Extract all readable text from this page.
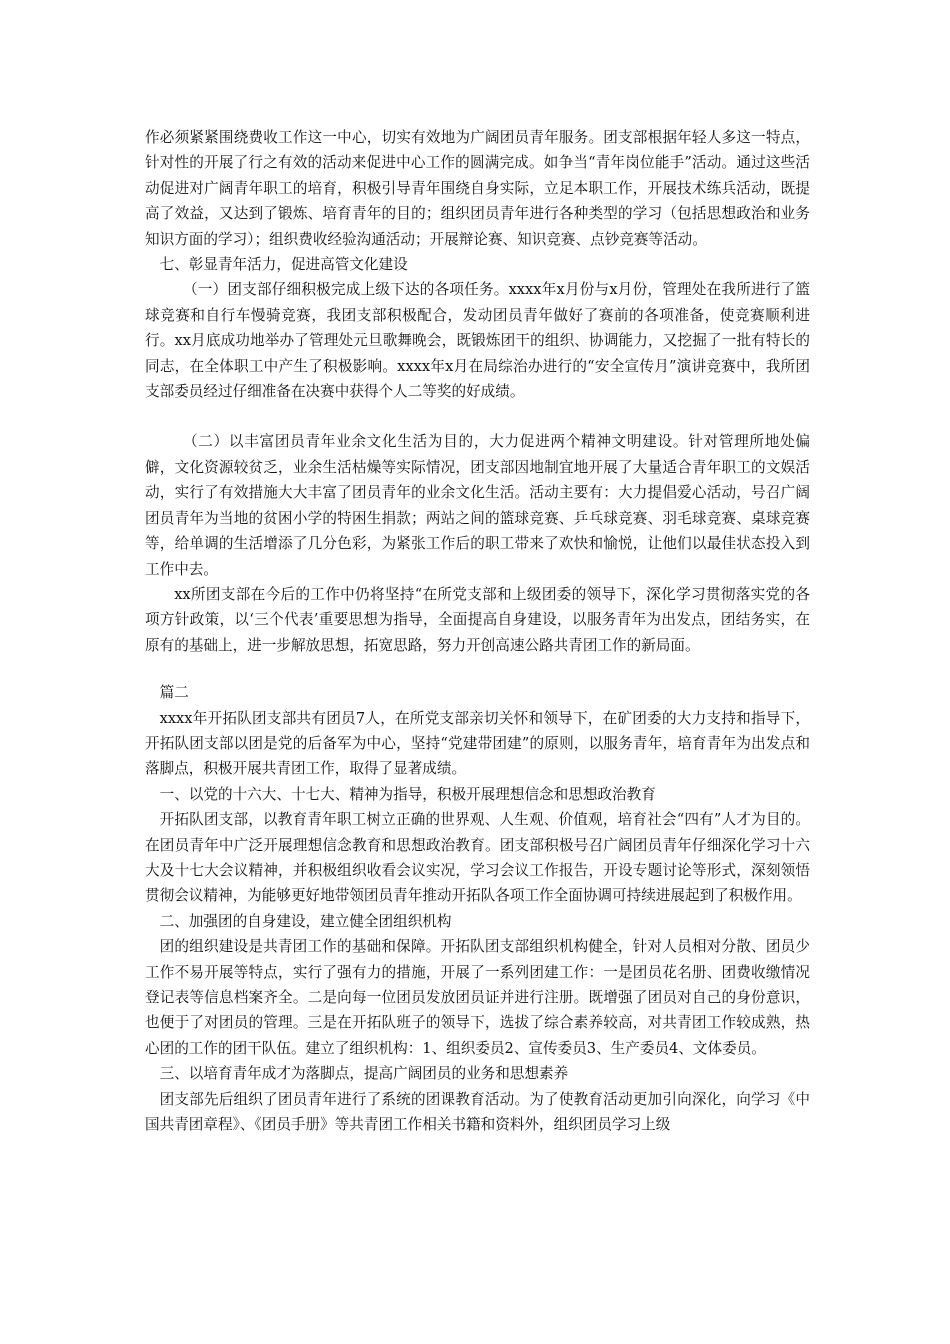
作必须紧紧围绕费收工作这一中心，切实有效地为广阔团员青年服务。团支部根据年轻人多这一特点，针对性的开展了行之有效的活动来促进中心工作的圆满完成。如争当“青年岗位能手”活动。通过这些活动促进对广阔青年职工的培育，积极引导青年围绕自身实际，立足本职工作，开展技术练兵活动，既提高了效益，又达到了锻炼、培育青年的目的；组织团员青年进行各种类型的学习（包括思想政治和业务知识方面的学习）；组织费收经验沟通活动；开展辩论赛、知识竞赛、点钞竞赛等活动。

七、彰显青年活力，促进高管文化建设

（一）团支部仔细积极完成上级下达的各项任务。xxxx年x月份与x月份，管理处在我所进行了篮球竞赛和自行车慢骑竞赛，我团支部积极配合，发动团员青年做好了赛前的各项准备，使竞赛顺利进行。xx月底成功地举办了管理处元旦歌舞晚会，既锻炼团干的组织、协调能力，又挖掘了一批有特长的同志，在全体职工中产生了积极影响。xxxx年x月在局综治办进行的“安全宣传月”演讲竞赛中，我所团支部委员经过仔细准备在决赛中获得个人二等奖的好成绩。

（二）以丰富团员青年业余文化生活为目的，大力促进两个精神文明建设。针对管理所地处偏僻，文化资源较贫乏，业余生活枯燥等实际情况，团支部因地制宜地开展了大量适合青年职工的文娱活动，实行了有效措施大大丰富了团员青年的业余文化生活。活动主要有：大力提倡爱心活动，号召广阔团员青年为当地的贫困小学的特困生捐款；两站之间的篮球竞赛、乒乓球竞赛、羽毛球竞赛、桌球竞赛等，给单调的生活增添了几分色彩，为紧张工作后的职工带来了欢快和愉悦，让他们以最佳状态投入到工作中去。

xx所团支部在今后的工作中仍将坚持“在所党支部和上级团委的领导下，深化学习贯彻落实党的各项方针政策，以‘三个代表’重要思想为指导，全面提高自身建设，以服务青年为出发点，团结务实，在原有的基础上，进一步解放思想，拓宽思路，努力开创高速公路共青团工作的新局面。

篇二

xxxx年开拓队团支部共有团员7人，在所党支部亲切关怀和领导下，在矿团委的大力支持和指导下，开拓队团支部以团是党的后备军为中心，坚持“党建带团建”的原则，以服务青年，培育青年为出发点和落脚点，积极开展共青团工作，取得了显著成绩。

一、以党的十六大、十七大、精神为指导，积极开展理想信念和思想政治教育

开拓队团支部，以教育青年职工树立正确的世界观、人生观、价值观，培育社会“四有”人才为目的。在团员青年中广泛开展理想信念教育和思想政治教育。团支部积极号召广阔团员青年仔细深化学习十六大及十七大会议精神，并积极组织收看会议实况，学习会议工作报告，开设专题讨论等形式，深刻领悟贯彻会议精神，为能够更好地带领团员青年推动开拓队各项工作全面协调可持续进展起到了积极作用。

二、加强团的自身建设，建立健全团组织机构

团的组织建设是共青团工作的基础和保障。开拓队团支部组织机构健全，针对人员相对分散、团员少工作不易开展等特点，实行了强有力的措施，开展了一系列团建工作：一是团员花名册、团费收缴情况登记表等信息档案齐全。二是向每一位团员发放团员证并进行注册。既增强了团员对自己的身份意识，也便于了对团员的管理。三是在开拓队班子的领导下，选拔了综合素养较高，对共青团工作较成熟，热心团的工作的团干队伍。建立了组织机构：1、组织委员2、宣传委员3、生产委员4、文体委员。

三、以培育青年成才为落脚点，提高广阔团员的业务和思想素养

团支部先后组织了团员青年进行了系统的团课教育活动。为了使教育活动更加引向深化，向学习《中国共青团章程》、《团员手册》等共青团工作相关书籍和资料外，组织团员学习上级
